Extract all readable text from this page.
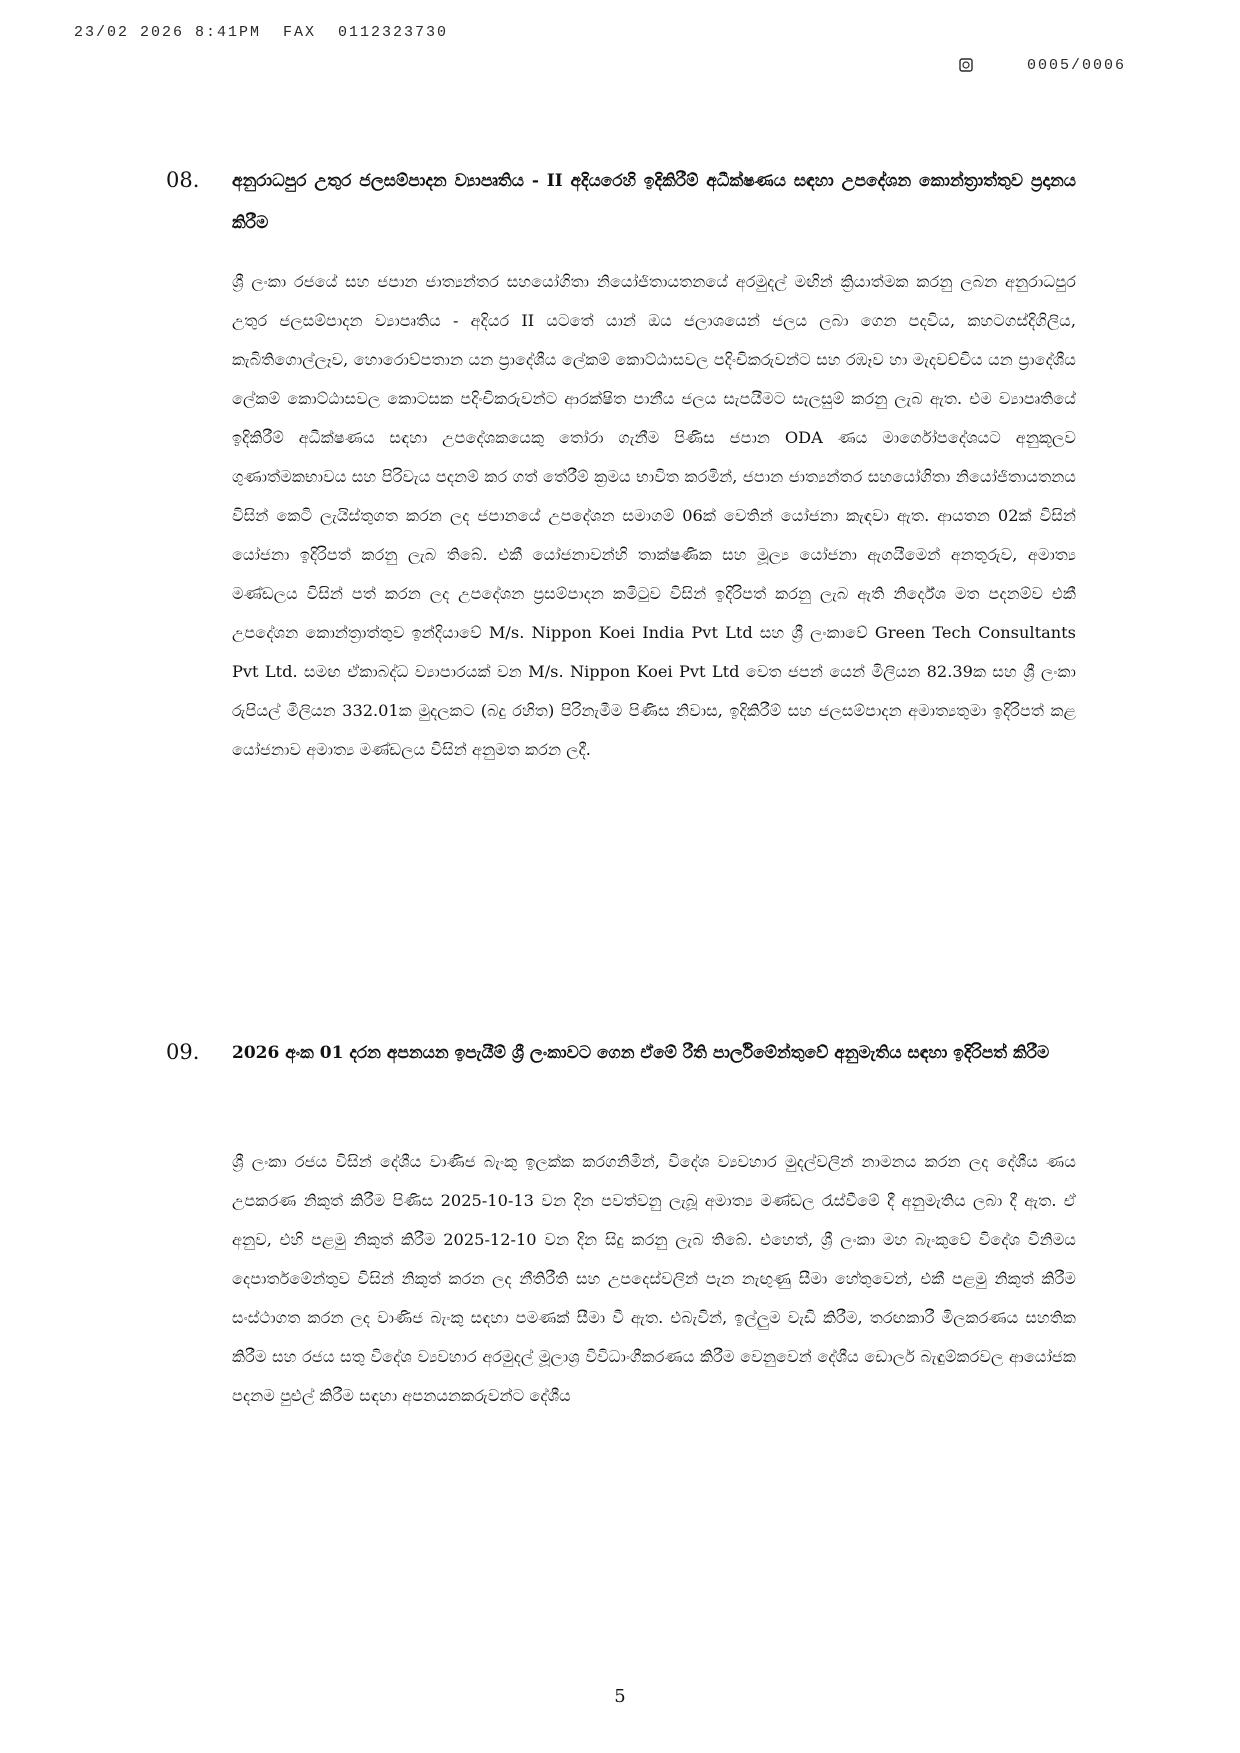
23/02 2026 8:41PM  FAX  0112323730

0005/0006
08. අනුරාධපුර උතුර ජලසම්පාදන ව්‍යාපෘතිය - II අදියරෙහි ඉදිකිරීම් අධීක්ෂණය සඳහා උපදේශන කොන්ත්‍රාත්තුව ප්‍රදානය කිරීම
ශ්‍රී ලංකා රජයේ සහ ජපාන ජාත්‍යන්තර සහයෝගිතා නියෝජිතායතනයේ අරමුදල් මඟින් ක්‍රියාත්මක කරනු ලබන අනුරාධපුර උතුර ජලසම්පාදන ව්‍යාපෘතිය - අදියර II යටතේ යාන් ඔය ජලාශයෙන් ජලය ලබා ගෙන පදවිය, කහටගස්දිගිලිය, කැබිතිගොල්ලෑව, හොරොව්පතාන යන ප්‍රාදේශීය ලේකම් කොට්ඨාසවල පදිංචිකරුවන්ට සහ රඹෑව හා මැදවච්චිය යන ප්‍රාදේශීය ලේකම් කොට්ඨාසවල කොටසක පදිංචිකරුවන්ට ආරක්ෂිත පානීය ජලය සැපයීමට සැලසුම් කරනු ලැබ ඇත. එම ව්‍යාපෘතියේ ඉදිකිරීම් අධීක්ෂණය සඳහා උපදේශකයෙකු තෝරා ගැනීම පිණිස ජපාන ODA ණය මාර්ගෝපදේශයට අනුකූලව ගුණාත්මකභාවය සහ පිරිවැය පදනම් කර ගත් තේරීම් ක්‍රමය භාවිත කරමින්, ජපාන ජාත්‍යන්තර සහයෝගිතා නියෝජිතායතනය විසින් කෙටි ලැයිස්තුගත කරන ලද ජපානයේ උපදේශන සමාගම් 06ක් වෙතින් යෝජනා කැඳවා ඇත. ආයතන 02ක් විසින් යෝජනා ඉදිරිපත් කරනු ලැබ තිබේ. එකී යෝජනාවන්හි තාක්ෂණික සහ මූල්‍ය යෝජනා ඇගයීමෙන් අනතුරුව, අමාත්‍ය මණ්ඩලය විසින් පත් කරන ලද උපදේශන ප්‍රසම්පාදන කමිටුව විසින් ඉදිරිපත් කරනු ලැබ ඇති නිර්දේශ මත පදනම්ව එකී උපදේශන කොන්ත්‍රාත්තුව ඉන්දියාවේ M/s. Nippon Koei India Pvt Ltd සහ ශ්‍රී ලංකාවේ Green Tech Consultants Pvt Ltd. සමඟ ඒකාබද්ධ ව්‍යාපාරයක් වන M/s. Nippon Koei Pvt Ltd වෙත ජපන් යෙන් මිලියන 82.39ක සහ ශ්‍රී ලංකා රුපියල් මිලියන 332.01ක මුදලකට (බදු රහිත) පිරිනැමීම පිණිස නිවාස, ඉදිකිරීම් සහ ජලසම්පාදන අමාත්‍යතුමා ඉදිරිපත් කළ යෝජනාව අමාත්‍ය මණ්ඩලය විසින් අනුමත කරන ලදී.
09. 2026 අංක 01 දරන අපනයන ඉපැයීම් ශ්‍රී ලංකාවට ගෙන ඒමේ රීති පාර්ලිමේන්තුවේ අනුමැතිය සඳහා ඉදිරිපත් කිරීම
ශ්‍රී ලංකා රජය විසින් දේශීය වාණිජ බැංකු ඉලක්ක කරගනිමින්, විදේශ ව්‍යවහාර මුදල්වලින් නාමනය කරන ලද දේශීය ණය උපකරණ නිකුත් කිරීම පිණිස 2025-10-13 වන දින පවත්වනු ලැබූ අමාත්‍ය මණ්ඩල රැස්වීමේ දී අනුමැතිය ලබා දී ඇත. ඒ අනුව, එහි පළමු නිකුත් කිරීම 2025-12-10 වන දින සිදු කරනු ලැබ තිබේ. එහෙත්, ශ්‍රී ලංකා මහ බැංකුවේ විදේශ විනිමය දෙපාර්තමේන්තුව විසින් නිකුත් කරන ලද නීතිරීති සහ උපදෙස්වලින් පැන නැඟුණු සීමා හේතුවෙන්, එකී පළමු නිකුත් කිරීම සංස්ථාගත කරන ලද වාණිජ බැංකු සඳහා පමණක් සීමා වී ඇත. එබැවින්, ඉල්ලුම වැඩි කිරීම, තරඟකාරී මිලකරණය සහතික කිරීම සහ රජය සතු විදේශ ව්‍යවහාර අරමුදල් මූලාශ්‍ර විවිධාංගීකරණය කිරීම වෙනුවෙන් දේශීය ඩොලර් බැඳුම්කරවල ආයෝජක පදනම පුළුල් කිරීම සඳහා අපනයනකරුවන්ට දේශීය
5
